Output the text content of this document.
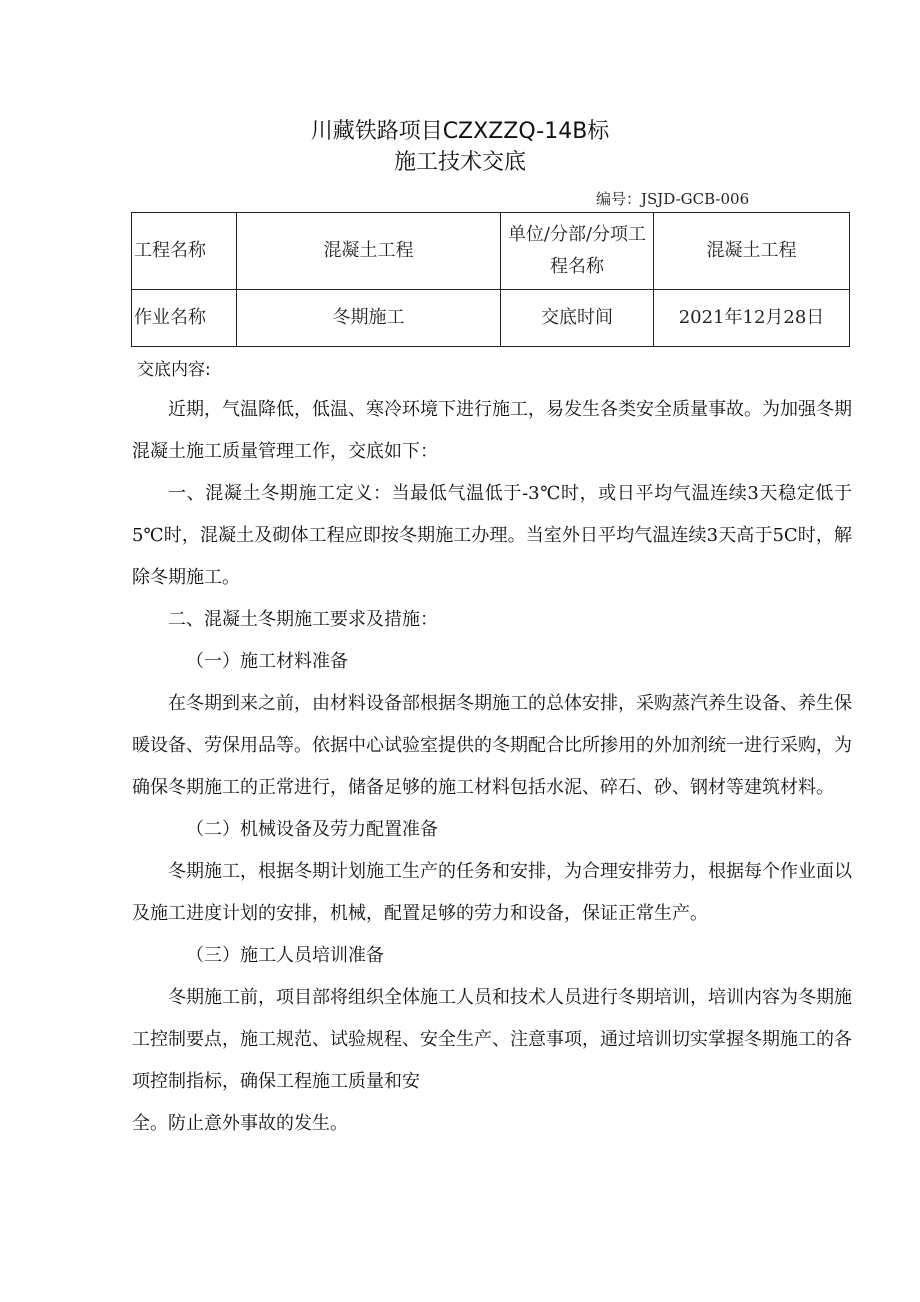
川藏铁路项目CZXZZQ-14B标
施工技术交底
编号：JSJD-GCB-006
工程名称	混凝土工程	单位/分部/分项工程名称	混凝土工程
作业名称	冬期施工	交底时间	2021年12月28日
交底内容:

近期，气温降低，低温、寒冷环境下进行施工，易发生各类安全质量事故。为加强冬期混凝土施工质量管理工作，交底如下：

一、混凝土冬期施工定义：当最低气温低于-3℃时，或日平均气温连续3天稳定低于5℃时，混凝土及砌体工程应即按冬期施工办理。当室外日平均气温连续3天高于5C时，解除冬期施工。

二、混凝土冬期施工要求及措施：

（一）施工材料准备

在冬期到来之前，由材料设备部根据冬期施工的总体安排，采购蒸汽养生设备、养生保暖设备、劳保用品等。依据中心试验室提供的冬期配合比所掺用的外加剂统一进行采购，为确保冬期施工的正常进行，储备足够的施工材料包括水泥、碎石、砂、钢材等建筑材料。

（二）机械设备及劳力配置准备

冬期施工，根据冬期计划施工生产的任务和安排，为合理安排劳力，根据每个作业面以及施工进度计划的安排，机械，配置足够的劳力和设备，保证正常生产。

（三）施工人员培训准备

冬期施工前，项目部将组织全体施工人员和技术人员进行冬期培训，培训内容为冬期施工控制要点，施工规范、试验规程、安全生产、注意事项，通过培训切实掌握冬期施工的各项控制指标，确保工程施工质量和安

全。防止意外事故的发生。
